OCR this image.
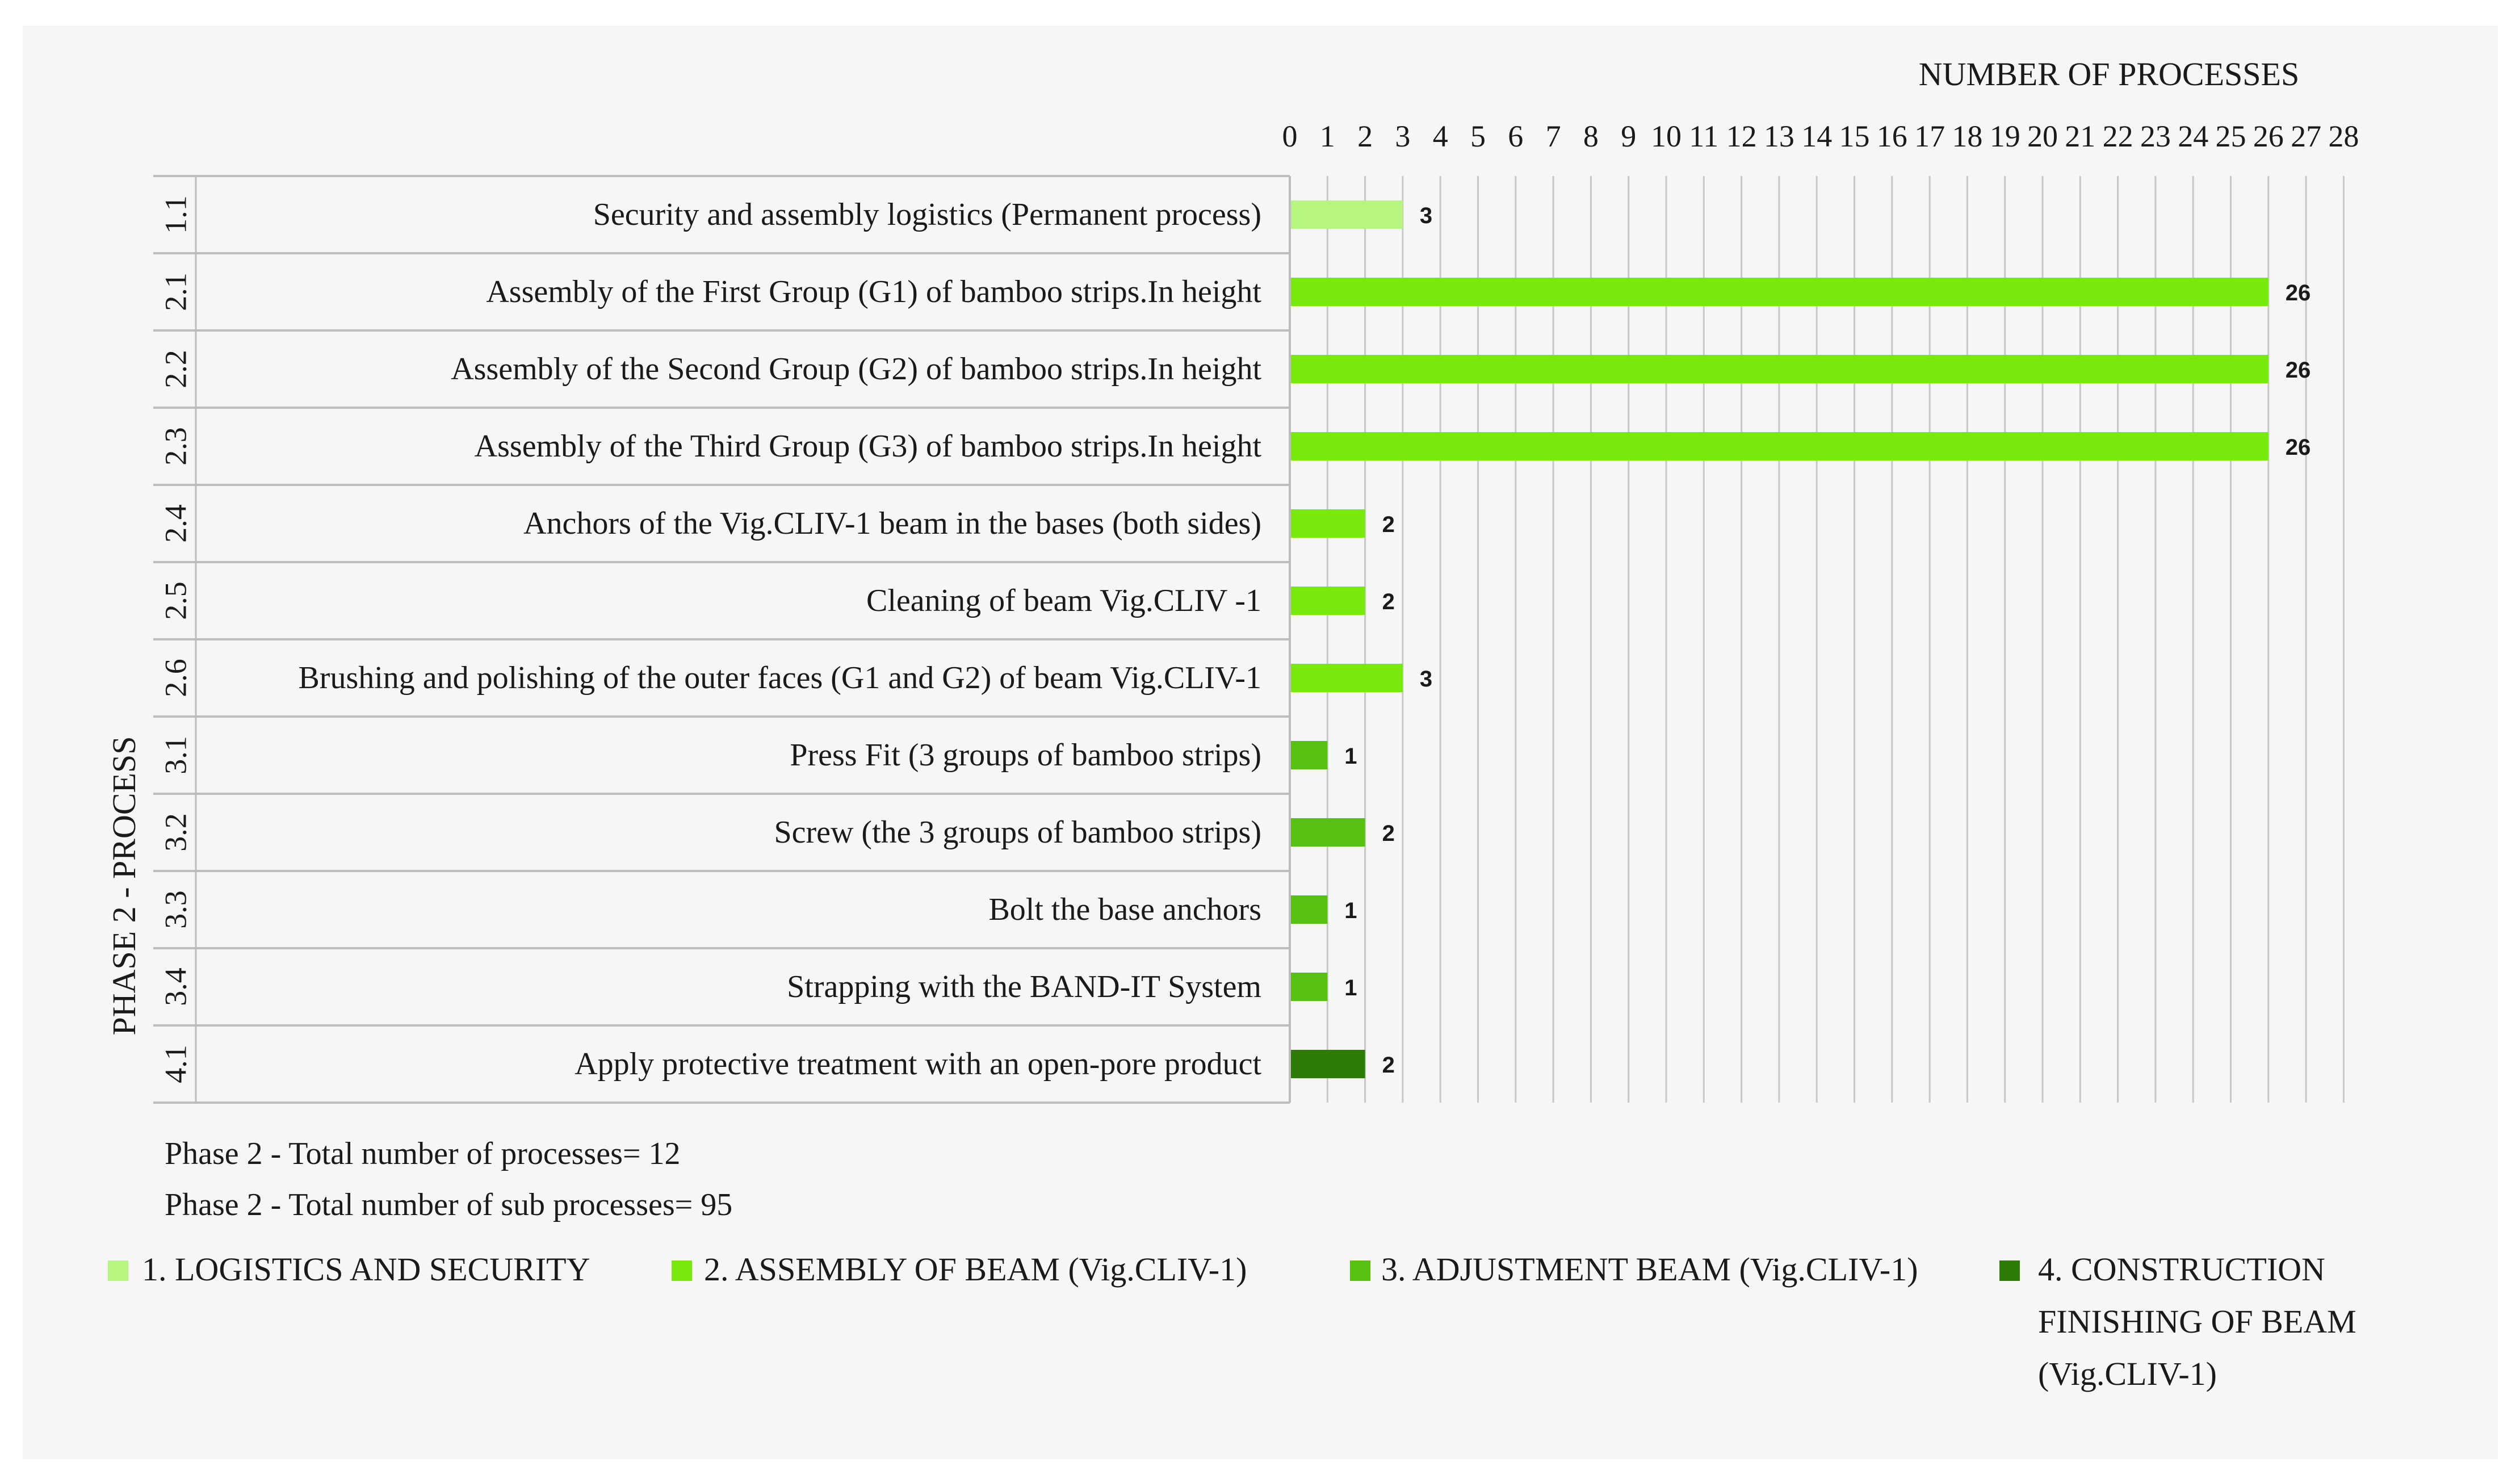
NUMBER OF PROCESSES
PHASE 2 - PROCESS
Phase 2 - Total number of processes= 12
Phase 2 - Total number of sub processes= 95
0 1 2 3 4 5 6 7 8 9 10 11 12 13 14 15 16 17 18 19 20 21 22 23 24 25 26 27 28
1.1	Security and assembly logistics (Permanent process)	3
2.1	Assembly of the First Group (G1) of bamboo strips.In height	26
2.2	Assembly of the Second Group (G2) of bamboo strips.In height	26
2.3	Assembly of the Third Group (G3) of bamboo strips.In height	26
2.4	Anchors of the Vig.CLIV-1 beam in the bases (both sides)	2
2.5	Cleaning of beam Vig.CLIV -1	2
2.6	Brushing and polishing of the outer faces (G1 and G2) of beam Vig.CLIV-1	3
3.1	Press Fit (3 groups of bamboo strips)	1
3.2	Screw (the 3 groups of bamboo strips)	2
3.3	Bolt the base anchors	1
3.4	Strapping with the BAND-IT System	1
4.1	Apply protective treatment with an open-pore product	2
1. LOGISTICS AND SECURITY	2. ASSEMBLY OF BEAM (Vig.CLIV-1)	3. ADJUSTMENT BEAM (Vig.CLIV-1)	4. CONSTRUCTION FINISHING OF BEAM (Vig.CLIV-1)
